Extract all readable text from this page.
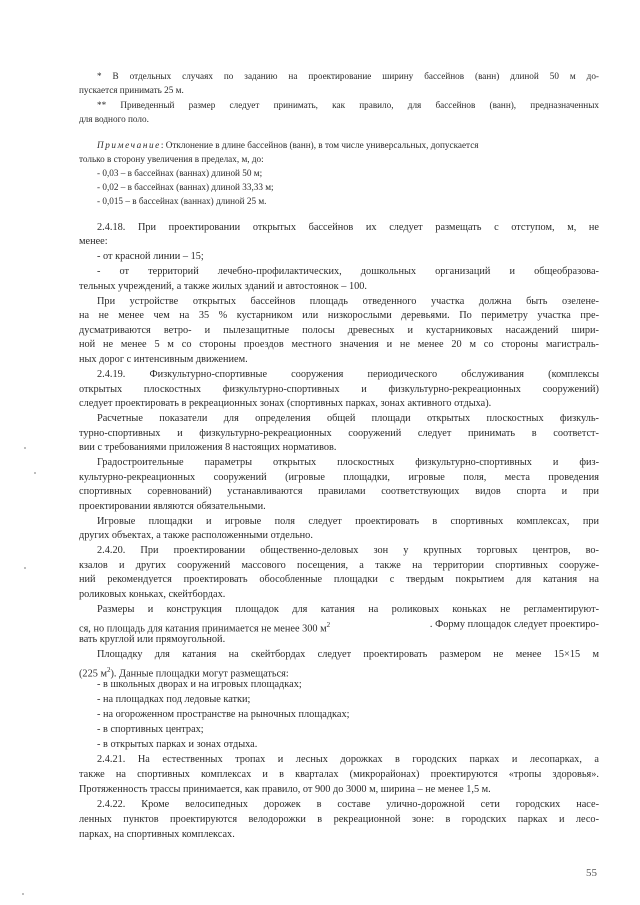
* В отдельных случаях по заданию на проектирование ширину бассейнов (ванн) длиной 50 м до-
пускается принимать 25 м.
** Приведенный размер следует принимать, как правило, для бассейнов (ванн), предназначенных
для водного поло.
Примечание: Отклонение в длине бассейнов (ванн), в том числе универсальных, допускается
только в сторону увеличения в пределах, м, до:
- 0,03 – в бассейнах (ваннах) длиной 50 м;
- 0,02 – в бассейнах (ваннах) длиной 33,33 м;
- 0,015 – в бассейнах (ваннах) длиной 25 м.
2.4.18. При проектировании открытых бассейнов их следует размещать с отступом, м, не
менее:
- от красной линии – 15;
- от территорий лечебно-профилактических, дошкольных организаций и общеобразова-
тельных учреждений, а также жилых зданий и автостоянок – 100.
При устройстве открытых бассейнов площадь отведенного участка должна быть озелене-
на не менее чем на 35 % кустарником или низкорослыми деревьями. По периметру участка пре-
дусматриваются ветро- и пылезащитные полосы древесных и кустарниковых насаждений шири-
ной не менее 5 м со стороны проездов местного значения и не менее 20 м со стороны магистраль-
ных дорог с интенсивным движением.
2.4.19. Физкультурно-спортивные сооружения периодического обслуживания (комплексы
открытых плоскостных физкультурно-спортивных и физкультурно-рекреационных сооружений)
следует проектировать в рекреационных зонах (спортивных парках, зонах активного отдыха).
Расчетные показатели для определения общей площади открытых плоскостных физкуль-
турно-спортивных и физкультурно-рекреационных сооружений следует принимать в соответст-
вии с требованиями приложения 8 настоящих нормативов.
Градостроительные параметры открытых плоскостных физкультурно-спортивных и физ-
культурно-рекреационных сооружений (игровые площадки, игровые поля, места проведения
спортивных соревнований) устанавливаются правилами соответствующих видов спорта и при
проектировании являются обязательными.
Игровые площадки и игровые поля следует проектировать в спортивных комплексах, при
других объектах, а также расположенными отдельно.
2.4.20. При проектировании общественно-деловых зон у крупных торговых центров, во-
кзалов и других сооружений массового посещения, а также на территории спортивных сооруже-
ний рекомендуется проектировать обособленные площадки с твердым покрытием для катания на
роликовых коньках, скейтбордах.
Размеры и конструкция площадок для катания на роликовых коньках не регламентируют-
ся, но площадь для катания принимается не менее 300 $м^2$	. Форму площадок следует проектиро-
вать круглой или прямоугольной.
Площадку для катания на скейтбордах следует проектировать размером не менее 15×15 м
(225 $м^2$). Данные площадки могут размещаться:
- в школьных дворах и на игровых площадках;
- на площадках под ледовые катки;
- на огороженном пространстве на рыночных площадках;
- в спортивных центрах;
- в открытых парках и зонах отдыха.
2.4.21. На естественных тропах и лесных дорожках в городских парках и лесопарках, а
также на спортивных комплексах и в кварталах (микрорайонах) проектируются «тропы здоровья».
Протяженность трассы принимается, как правило, от 900 до 3000 м, ширина – не менее 1,5 м.
2.4.22. Кроме велосипедных дорожек в составе улично-дорожной сети городских насе-
ленных пунктов проектируются велодорожки в рекреационной зоне: в городских парках и лесо-
парках, на спортивных комплексах.
55
